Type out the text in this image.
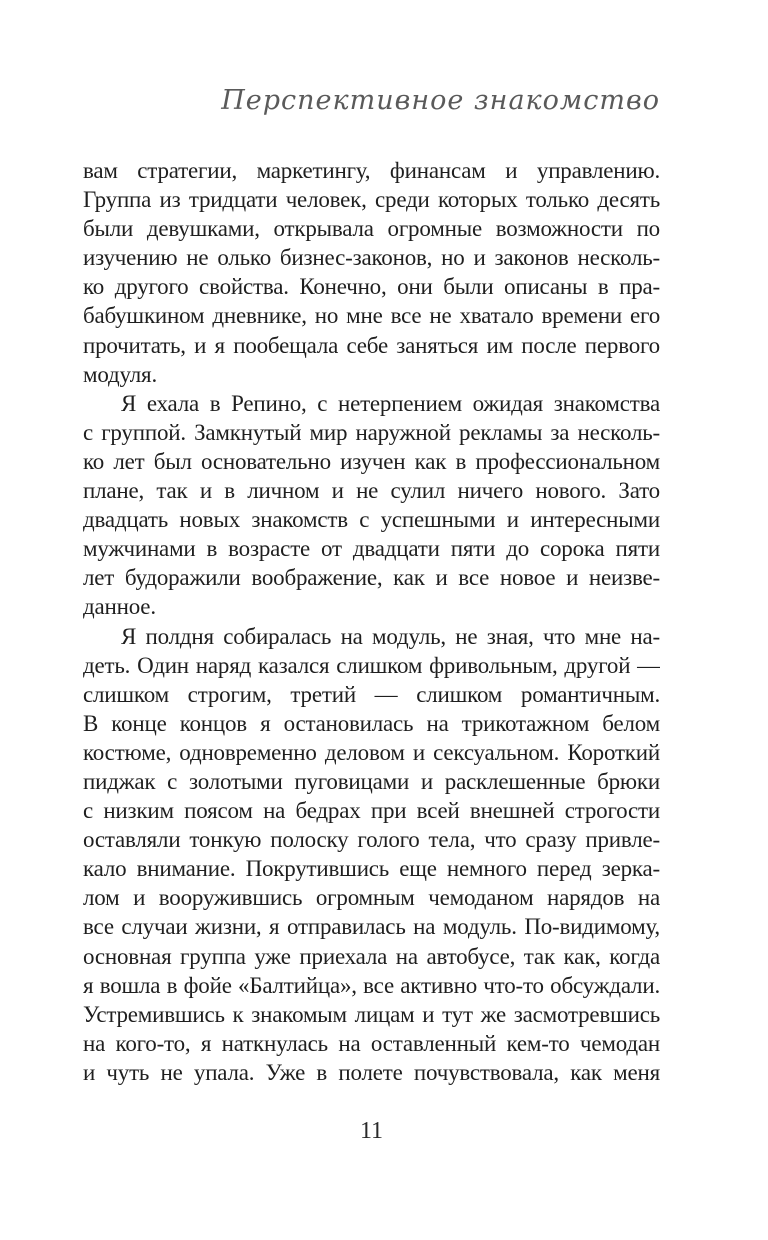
Перспективное знакомство
вам стратегии, маркетингу, финансам и управлению.
Группа из тридцати человек, среди которых только десять
были девушками, открывала огромные возможности по
изучению не олько бизнес-законов, но и законов несколь-
ко другого свойства. Конечно, они были описаны в пра-
бабушкином дневнике, но мне все не хватало времени его
прочитать, и я пообещала себе заняться им после первого
модуля.
Я ехала в Репино, с нетерпением ожидая знакомства
с группой. Замкнутый мир наружной рекламы за несколь-
ко лет был основательно изучен как в профессиональном
плане, так и в личном и не сулил ничего нового. Зато
двадцать новых знакомств с успешными и интересными
мужчинами в возрасте от двадцати пяти до сорока пяти
лет будоражили воображение, как и все новое и неизве-
данное.
Я полдня собиралась на модуль, не зная, что мне на-
деть. Один наряд казался слишком фривольным, другой —
слишком строгим, третий — слишком романтичным.
В конце концов я остановилась на трикотажном белом
костюме, одновременно деловом и сексуальном. Короткий
пиджак с золотыми пуговицами и расклешенные брюки
с низким поясом на бедрах при всей внешней строгости
оставляли тонкую полоску голого тела, что сразу привле-
кало внимание. Покрутившись еще немного перед зерка-
лом и вооружившись огромным чемоданом нарядов на
все случаи жизни, я отправилась на модуль. По-видимому,
основная группа уже приехала на автобусе, так как, когда
я вошла в фойе «Балтийца», все активно что-то обсуждали.
Устремившись к знакомым лицам и тут же засмотревшись
на кого-то, я наткнулась на оставленный кем-то чемодан
и чуть не упала. Уже в полете почувствовала, как меня
11
